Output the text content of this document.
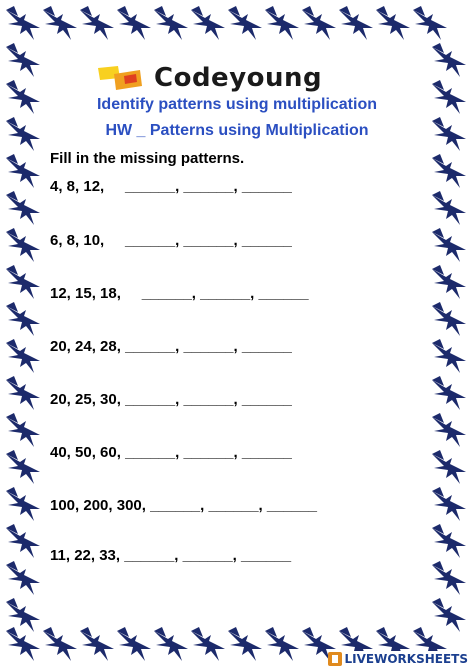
Codeyoung
Identify patterns using multiplication
HW _ Patterns using Multiplication
Fill in the missing patterns.
4, 8, 12,     ______, ______, ______
6, 8, 10,     ______, ______, ______
12, 15, 18,     ______, ______, ______
20, 24, 28, ______, ______, ______
20, 25, 30, ______, ______, ______
40, 50, 60, ______, ______, ______
100, 200, 300, ______, ______, ______
11, 22, 33, ______, ______, ______
LIVEWORKSHEETS
